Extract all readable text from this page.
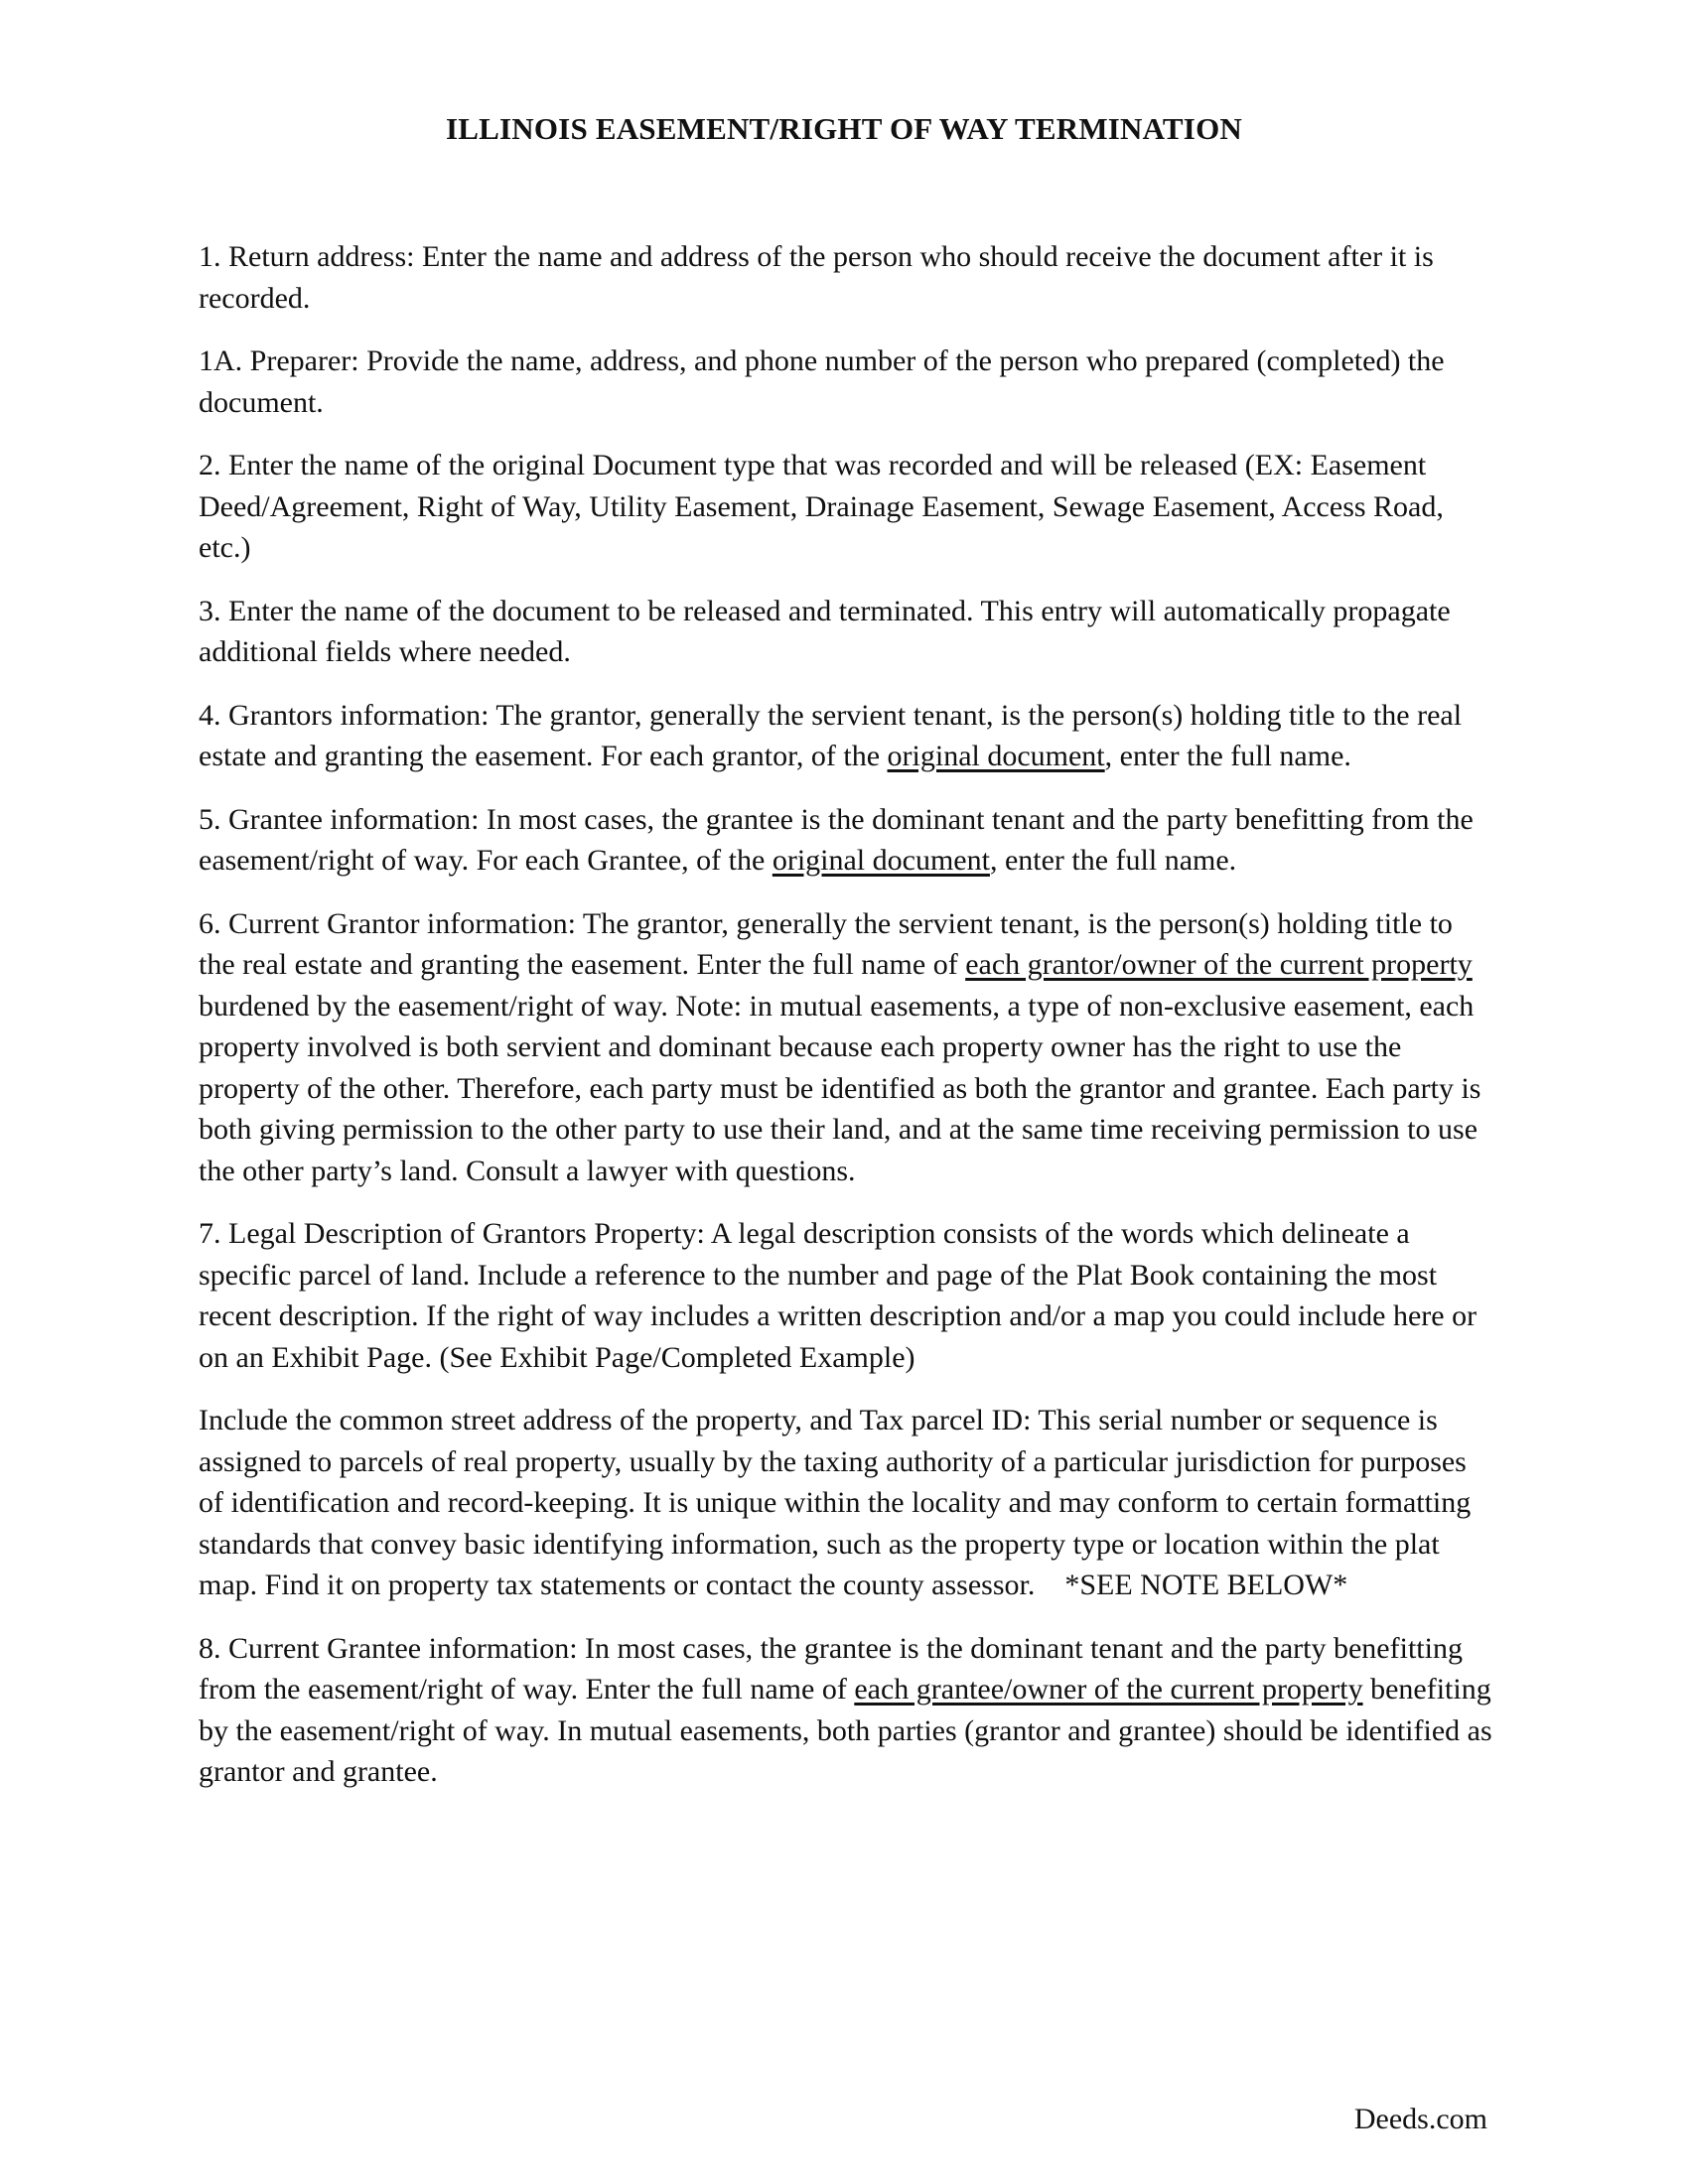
ILLINOIS EASEMENT/RIGHT OF WAY TERMINATION

1. Return address: Enter the name and address of the person who should receive the document after it is recorded.

1A. Preparer: Provide the name, address, and phone number of the person who prepared (completed) the document.

2. Enter the name of the original Document type that was recorded and will be released (EX: Easement Deed/Agreement, Right of Way, Utility Easement, Drainage Easement, Sewage Easement, Access Road, etc.)

3. Enter the name of the document to be released and terminated. This entry will automatically propagate additional fields where needed.

4. Grantors information: The grantor, generally the servient tenant, is the person(s) holding title to the real estate and granting the easement. For each grantor, of the original document, enter the full name.

5. Grantee information: In most cases, the grantee is the dominant tenant and the party benefitting from the easement/right of way. For each Grantee, of the original document, enter the full name.

6. Current Grantor information: The grantor, generally the servient tenant, is the person(s) holding title to the real estate and granting the easement. Enter the full name of each grantor/owner of the current property burdened by the easement/right of way. Note: in mutual easements, a type of non-exclusive easement, each property involved is both servient and dominant because each property owner has the right to use the property of the other. Therefore, each party must be identified as both the grantor and grantee. Each party is both giving permission to the other party to use their land, and at the same time receiving permission to use the other party’s land. Consult a lawyer with questions.

7. Legal Description of Grantors Property: A legal description consists of the words which delineate a specific parcel of land. Include a reference to the number and page of the Plat Book containing the most recent description. If the right of way includes a written description and/or a map you could include here or on an Exhibit Page. (See Exhibit Page/Completed Example)

Include the common street address of the property, and Tax parcel ID: This serial number or sequence is assigned to parcels of real property, usually by the taxing authority of a particular jurisdiction for purposes of identification and record-keeping. It is unique within the locality and may conform to certain formatting standards that convey basic identifying information, such as the property type or location within the plat map. Find it on property tax statements or contact the county assessor.    *SEE NOTE BELOW*

8. Current Grantee information: In most cases, the grantee is the dominant tenant and the party benefitting from the easement/right of way. Enter the full name of each grantee/owner of the current property benefiting by the easement/right of way. In mutual easements, both parties (grantor and grantee) should be identified as grantor and grantee.

Deeds.com
